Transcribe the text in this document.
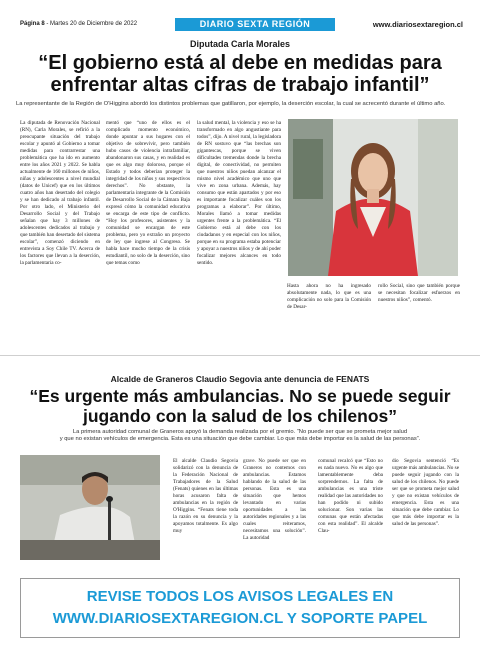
Página 8 - Martes 20 de Diciembre de 2022	DIARIO SEXTA REGIÓN	www.diariosextaregion.cl
Diputada Carla Morales
“El gobierno está al debe en medidas para
enfrentar altas cifras de trabajo infantil”
La representante de la Región de O'Higgins abordó los distintos problemas que gatillaron, por ejemplo, la deserción escolar, la cual se acrecentó durante el último año.
La diputada de Renovación Nacional (RN), Carla Morales, se refirió a la preocupante situación del trabajo escolar y apuntó al Gobierno a tomar medidas para contrarrestar una problemática que ha ido en aumento entre los años 2021 y 2022. Se habla actualmente de 160 millones de niños, niñas y adolescentes a nivel mundial (datos de Unicef) que en los últimos cuatro años han desertado del colegio y se han dedicado al trabajo infantil. Por otro lado, el Ministerio del Desarrollo Social y del Trabajo señalan que hay 3 millones de adolescentes dedicados al trabajo y que también han desertado del sistema escolar”, comenzó diciendo en entrevista a Soy Chile TV. Acerca de los factores que llevan a la deserción, la parlamentaria co-
mentó que “uno de ellos es el complicado momento económico, donde apuntar a sus hogares con el objetivo de sobrevivir, pero también hubo casos de violencia intrafamiliar, abandonaron sus casas, y en realidad es que es algo muy doloroso, porque el Estado y todos deberían proteger la integridad de los niños y sus respectivos derechos”. No obstante, la parlamentaria integrante de la Comisión de Desarrollo Social de la Cámara Baja expresó cómo la comunidad educativa se encarga de este tipo de conflicto. “Hoy los profesores, asistentes y la comunidad se encargan de este problema, pero yo extraño un proyecto de ley que ingrese al Congreso. Se habla hace mucho tiempo de la crisis estudiantil, no solo de la deserción, sino que temas como
la salud mental, la violencia y eso se ha transformado en algo angustiante para todos”, dijo. A nivel rural, la legisladora de RN sostuvo que “las brechas son gigantescas, porque se viven dificultades tremendas donde la brecha digital, de conectividad, no permiten que nuestros niños puedan alcanzar el mismo nivel académico que uno que vive en zona urbana. Además, hay consumo que están apartados y por eso es importante focalizar cuáles son los programas a elaborar”. Por último, Morales llamó a tomar medidas urgentes frente a la problemática. “El Gobierno está al debe con los ciudadanos y en especial con los niños, porque en su programa estaba potenciar y apoyar a nuestros niños y de ahí poder focalizar mejores alcances en todo sentido.
Hasta ahora no ha ingresado absolutamente nada, lo que es una complicación no solo para la Comisión de Desar-
rollo Social, sino que también porque se necesitan focalizar esfuerzos en nuestros niños”, comentó.
Alcalde de Graneros Claudio Segovia ante denuncia de FENATS
“Es urgente más ambulancias. No se puede seguir
jugando con la salud de los chilenos”
La primera autoridad comunal de Graneros apoyó la demanda realizada por el gremio. “No puede ser que se prometa mejor salud
y que no existan vehículos de emergencia. Esta es una situación que debe cambiar. Lo que más debe importar es la salud de las personas”.
El alcalde Claudio Segovia solidarizó con la denuncia de la Federación Nacional de Trabajadores de la Salud (Fenats) quienes en las últimas horas acusaron falta de ambulancias en la región de O'Higgins. “Fenats tiene toda la razón en su denuncia y la apoyamos totalmente. Es algo muy
grave. No puede ser que en Graneros no contemos con ambulancias. Estamos hablando de la salud de las personas. Esta es una situación que hemos levantado en varias oportunidades a las autoridades regionales y a las cuales reiteramos, necesitamos una solución”. La autoridad
comunal recalcó que “Esto no es nada nuevo. No es algo que lamentablemente deba sorprendernos. La falta de ambulancias es una triste realidad que las autoridades no han podido ni subido solucionar. Son varias las comunas que están afectadas con esta realidad”. El alcalde Clau-
dio Segovia sentenció “Es urgente más ambulancias. No se puede seguir jugando con la salud de los chilenos. No puede ser que se prometa mejor salud y que no existan vehículos de emergencia. Esta es una situación que debe cambiar. Lo que más debe importar es la salud de las personas”.
REVISE TODOS LOS AVISOS LEGALES EN
WWW.DIARIOSEXTAREGION.CL Y SOPORTE PAPEL
